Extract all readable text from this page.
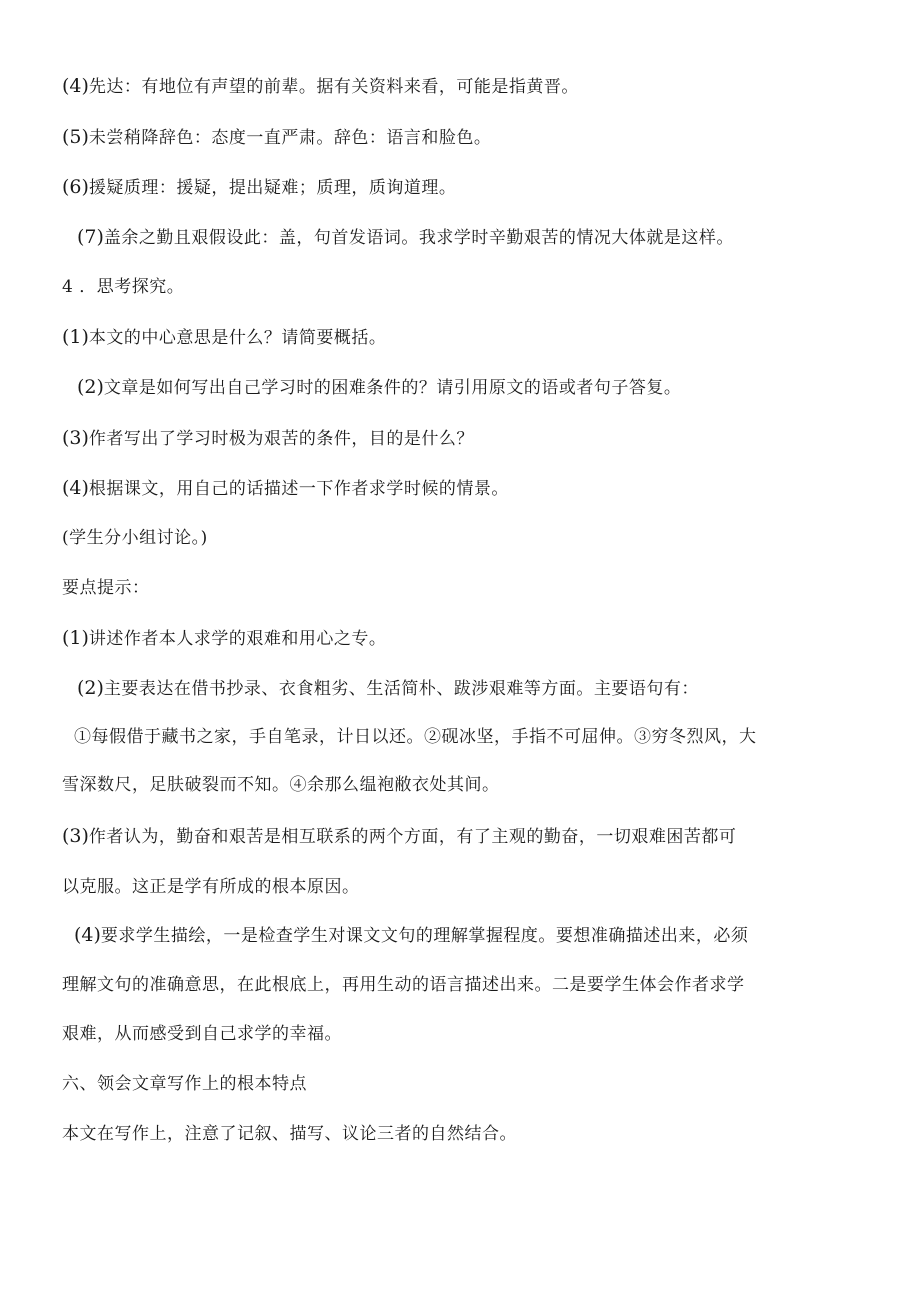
(4)先达：有地位有声望的前辈。据有关资料来看，可能是指黄晋。
(5)未尝稍降辞色：态度一直严肃。辞色：语言和脸色。
(6)援疑质理：援疑，提出疑难；质理，质询道理。
(7)盖余之勤且艰假设此：盖，句首发语词。我求学时辛勤艰苦的情况大体就是这样。
4 ．思考探究。
(1)本文的中心意思是什么？请简要概括。
(2)文章是如何写出自己学习时的困难条件的？请引用原文的语或者句子答复。
(3)作者写出了学习时极为艰苦的条件，目的是什么？
(4)根据课文，用自己的话描述一下作者求学时候的情景。
(学生分小组讨论。)
要点提示：
(1)讲述作者本人求学的艰难和用心之专。
(2)主要表达在借书抄录、衣食粗劣、生活简朴、跋涉艰难等方面。主要语句有：
①每假借于藏书之家，手自笔录，计日以还。②砚冰坚，手指不可屈伸。③穷冬烈风，大
雪深数尺，足肤破裂而不知。④余那么缊袍敝衣处其间。
(3)作者认为，勤奋和艰苦是相互联系的两个方面，有了主观的勤奋，一切艰难困苦都可
以克服。这正是学有所成的根本原因。
(4)要求学生描绘，一是检查学生对课文文句的理解掌握程度。要想准确描述出来，必须
理解文句的准确意思，在此根底上，再用生动的语言描述出来。二是要学生体会作者求学
艰难，从而感受到自己求学的幸福。
六、领会文章写作上的根本特点
本文在写作上，注意了记叙、描写、议论三者的自然结合。
